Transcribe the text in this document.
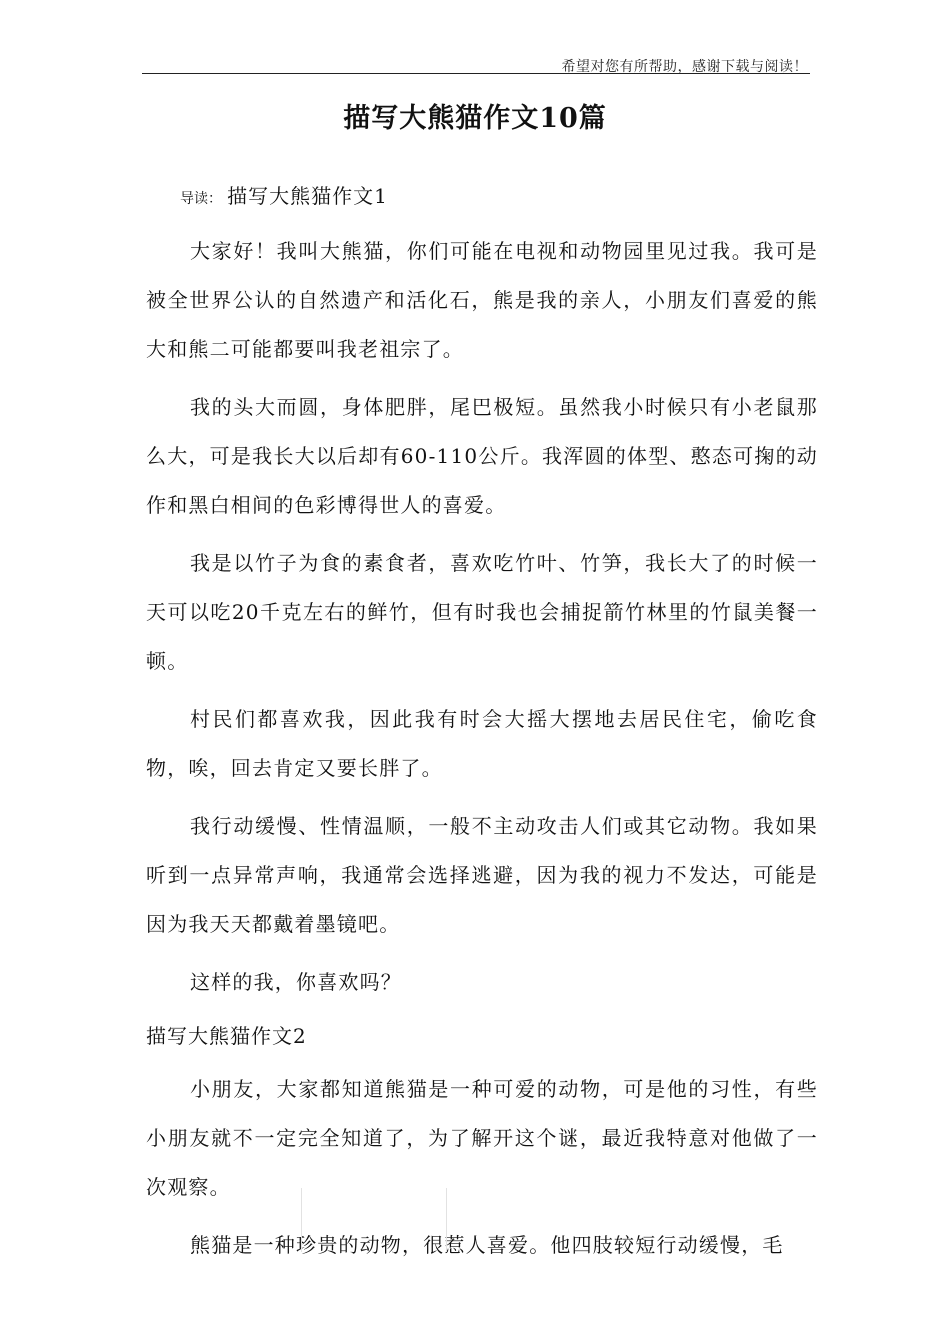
希望对您有所帮助，感谢下载与阅读！
描写大熊猫作文10篇
导读： 描写大熊猫作文1

大家好！我叫大熊猫，你们可能在电视和动物园里见过我。我可是被全世界公认的自然遗产和活化石，熊是我的亲人，小朋友们喜爱的熊大和熊二可能都要叫我老祖宗了。

我的头大而圆，身体肥胖，尾巴极短。虽然我小时候只有小老鼠那么大，可是我长大以后却有60-110公斤。我浑圆的体型、憨态可掬的动作和黑白相间的色彩博得世人的喜爱。

我是以竹子为食的素食者，喜欢吃竹叶、竹笋，我长大了的时候一天可以吃20千克左右的鲜竹，但有时我也会捕捉箭竹林里的竹鼠美餐一顿。

村民们都喜欢我，因此我有时会大摇大摆地去居民住宅，偷吃食物，唉，回去肯定又要长胖了。

我行动缓慢、性情温顺，一般不主动攻击人们或其它动物。我如果听到一点异常声响，我通常会选择逃避，因为我的视力不发达，可能是因为我天天都戴着墨镜吧。

这样的我，你喜欢吗？

描写大熊猫作文2

小朋友，大家都知道熊猫是一种可爱的动物，可是他的习性，有些小朋友就不一定完全知道了，为了解开这个谜，最近我特意对他做了一次观察。

熊猫是一种珍贵的动物，很惹人喜爱。他四肢较短行动缓慢，毛
